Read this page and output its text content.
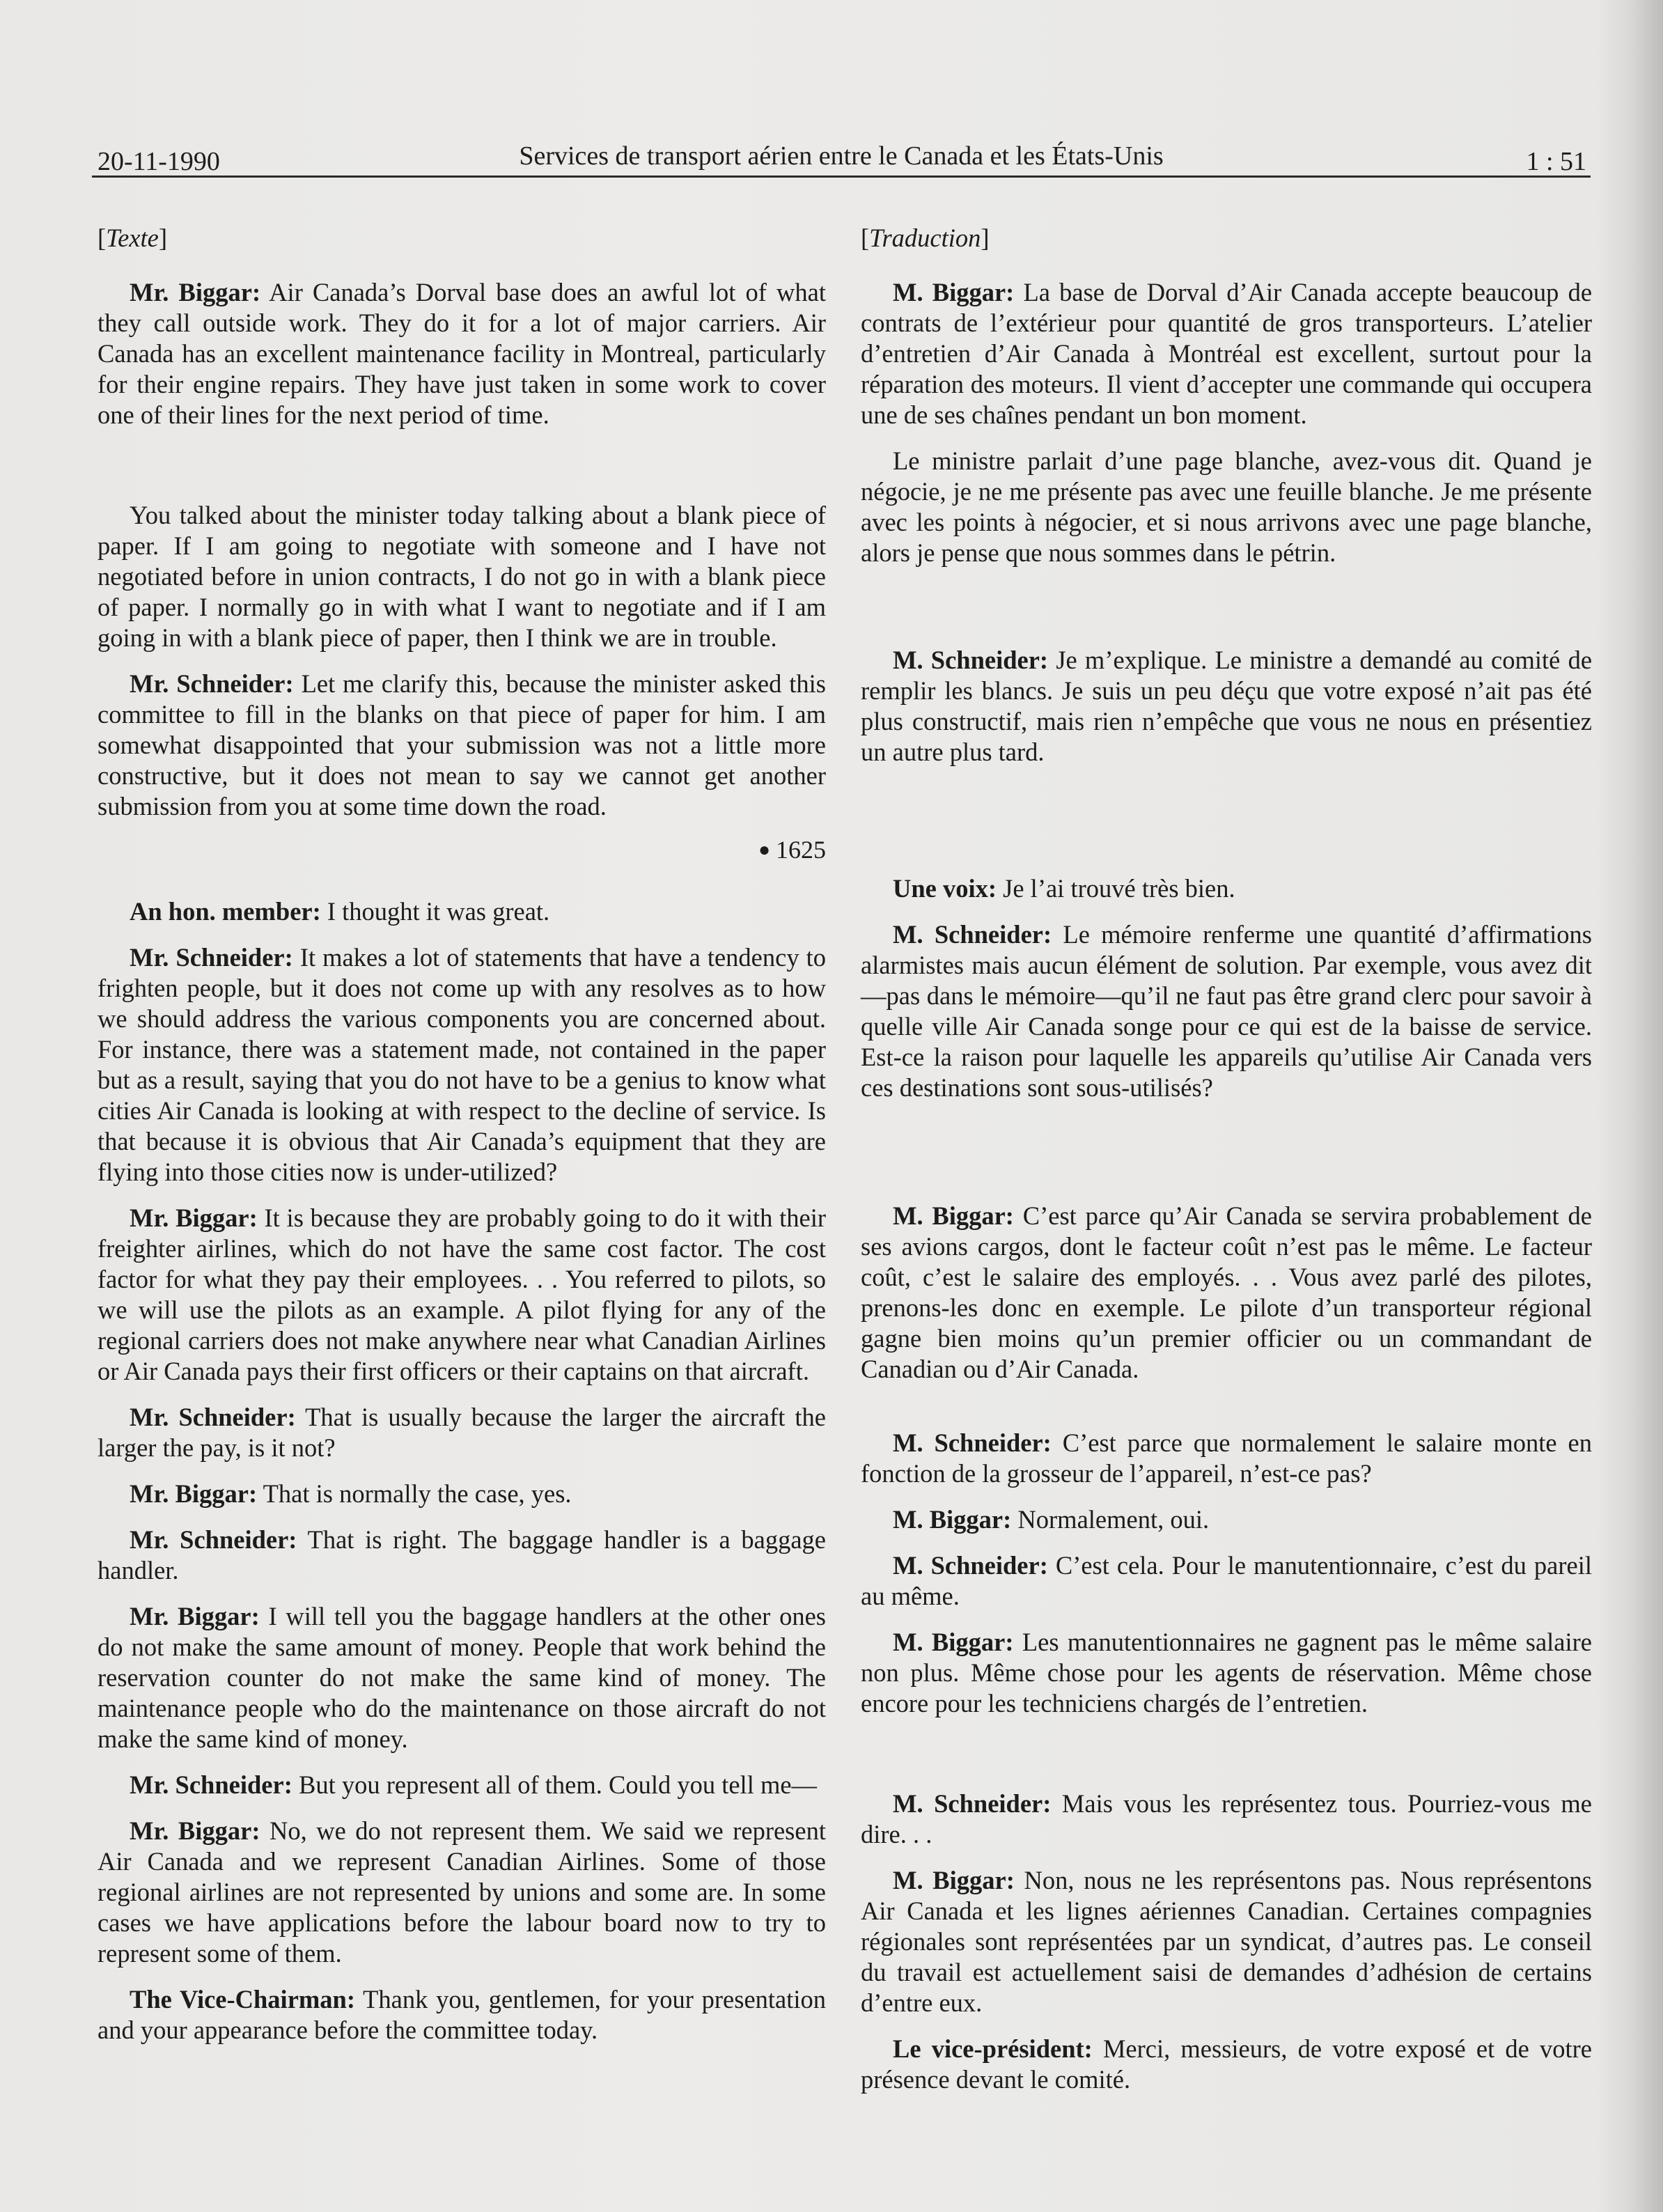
20-11-1990	Services de transport aérien entre le Canada et les États-Unis	1 : 51
[Texte]

Mr. Biggar: Air Canada’s Dorval base does an awful lot of what they call outside work. They do it for a lot of major carriers. Air Canada has an excellent maintenance facility in Montreal, particularly for their engine repairs. They have just taken in some work to cover one of their lines for the next period of time.

You talked about the minister today talking about a blank piece of paper. If I am going to negotiate with someone and I have not negotiated before in union contracts, I do not go in with a blank piece of paper. I normally go in with what I want to negotiate and if I am going in with a blank piece of paper, then I think we are in trouble.

Mr. Schneider: Let me clarify this, because the minister asked this committee to fill in the blanks on that piece of paper for him. I am somewhat disappointed that your submission was not a little more constructive, but it does not mean to say we cannot get another submission from you at some time down the road.

● 1625

An hon. member: I thought it was great.

Mr. Schneider: It makes a lot of statements that have a tendency to frighten people, but it does not come up with any resolves as to how we should address the various components you are concerned about. For instance, there was a statement made, not contained in the paper but as a result, saying that you do not have to be a genius to know what cities Air Canada is looking at with respect to the decline of service. Is that because it is obvious that Air Canada’s equipment that they are flying into those cities now is under-utilized?

Mr. Biggar: It is because they are probably going to do it with their freighter airlines, which do not have the same cost factor. The cost factor for what they pay their employees. . . You referred to pilots, so we will use the pilots as an example. A pilot flying for any of the regional carriers does not make anywhere near what Canadian Airlines or Air Canada pays their first officers or their captains on that aircraft.

Mr. Schneider: That is usually because the larger the aircraft the larger the pay, is it not?

Mr. Biggar: That is normally the case, yes.

Mr. Schneider: That is right. The baggage handler is a baggage handler.

Mr. Biggar: I will tell you the baggage handlers at the other ones do not make the same amount of money. People that work behind the reservation counter do not make the same kind of money. The maintenance people who do the maintenance on those aircraft do not make the same kind of money.

Mr. Schneider: But you represent all of them. Could you tell me—

Mr. Biggar: No, we do not represent them. We said we represent Air Canada and we represent Canadian Airlines. Some of those regional airlines are not represented by unions and some are. In some cases we have applications before the labour board now to try to represent some of them.

The Vice-Chairman: Thank you, gentlemen, for your presentation and your appearance before the committee today.

[Traduction]

M. Biggar: La base de Dorval d’Air Canada accepte beaucoup de contrats de l’extérieur pour quantité de gros transporteurs. L’atelier d’entretien d’Air Canada à Montréal est excellent, surtout pour la réparation des moteurs. Il vient d’accepter une commande qui occupera une de ses chaînes pendant un bon moment.

Le ministre parlait d’une page blanche, avez-vous dit. Quand je négocie, je ne me présente pas avec une feuille blanche. Je me présente avec les points à négocier, et si nous arrivons avec une page blanche, alors je pense que nous sommes dans le pétrin.

M. Schneider: Je m’explique. Le ministre a demandé au comité de remplir les blancs. Je suis un peu déçu que votre exposé n’ait pas été plus constructif, mais rien n’empêche que vous ne nous en présentiez un autre plus tard.

Une voix: Je l’ai trouvé très bien.

M. Schneider: Le mémoire renferme une quantité d’affirmations alarmistes mais aucun élément de solution. Par exemple, vous avez dit—pas dans le mémoire—qu’il ne faut pas être grand clerc pour savoir à quelle ville Air Canada songe pour ce qui est de la baisse de service. Est-ce la raison pour laquelle les appareils qu’utilise Air Canada vers ces destinations sont sous-utilisés?

M. Biggar: C’est parce qu’Air Canada se servira probablement de ses avions cargos, dont le facteur coût n’est pas le même. Le facteur coût, c’est le salaire des employés. . . Vous avez parlé des pilotes, prenons-les donc en exemple. Le pilote d’un transporteur régional gagne bien moins qu’un premier officier ou un commandant de Canadian ou d’Air Canada.

M. Schneider: C’est parce que normalement le salaire monte en fonction de la grosseur de l’appareil, n’est-ce pas?

M. Biggar: Normalement, oui.

M. Schneider: C’est cela. Pour le manutentionnaire, c’est du pareil au même.

M. Biggar: Les manutentionnaires ne gagnent pas le même salaire non plus. Même chose pour les agents de réservation. Même chose encore pour les techniciens chargés de l’entretien.

M. Schneider: Mais vous les représentez tous. Pourriez-vous me dire. . .

M. Biggar: Non, nous ne les représentons pas. Nous représentons Air Canada et les lignes aériennes Canadian. Certaines compagnies régionales sont représentées par un syndicat, d’autres pas. Le conseil du travail est actuellement saisi de demandes d’adhésion de certains d’entre eux.

Le vice-président: Merci, messieurs, de votre exposé et de votre présence devant le comité.
